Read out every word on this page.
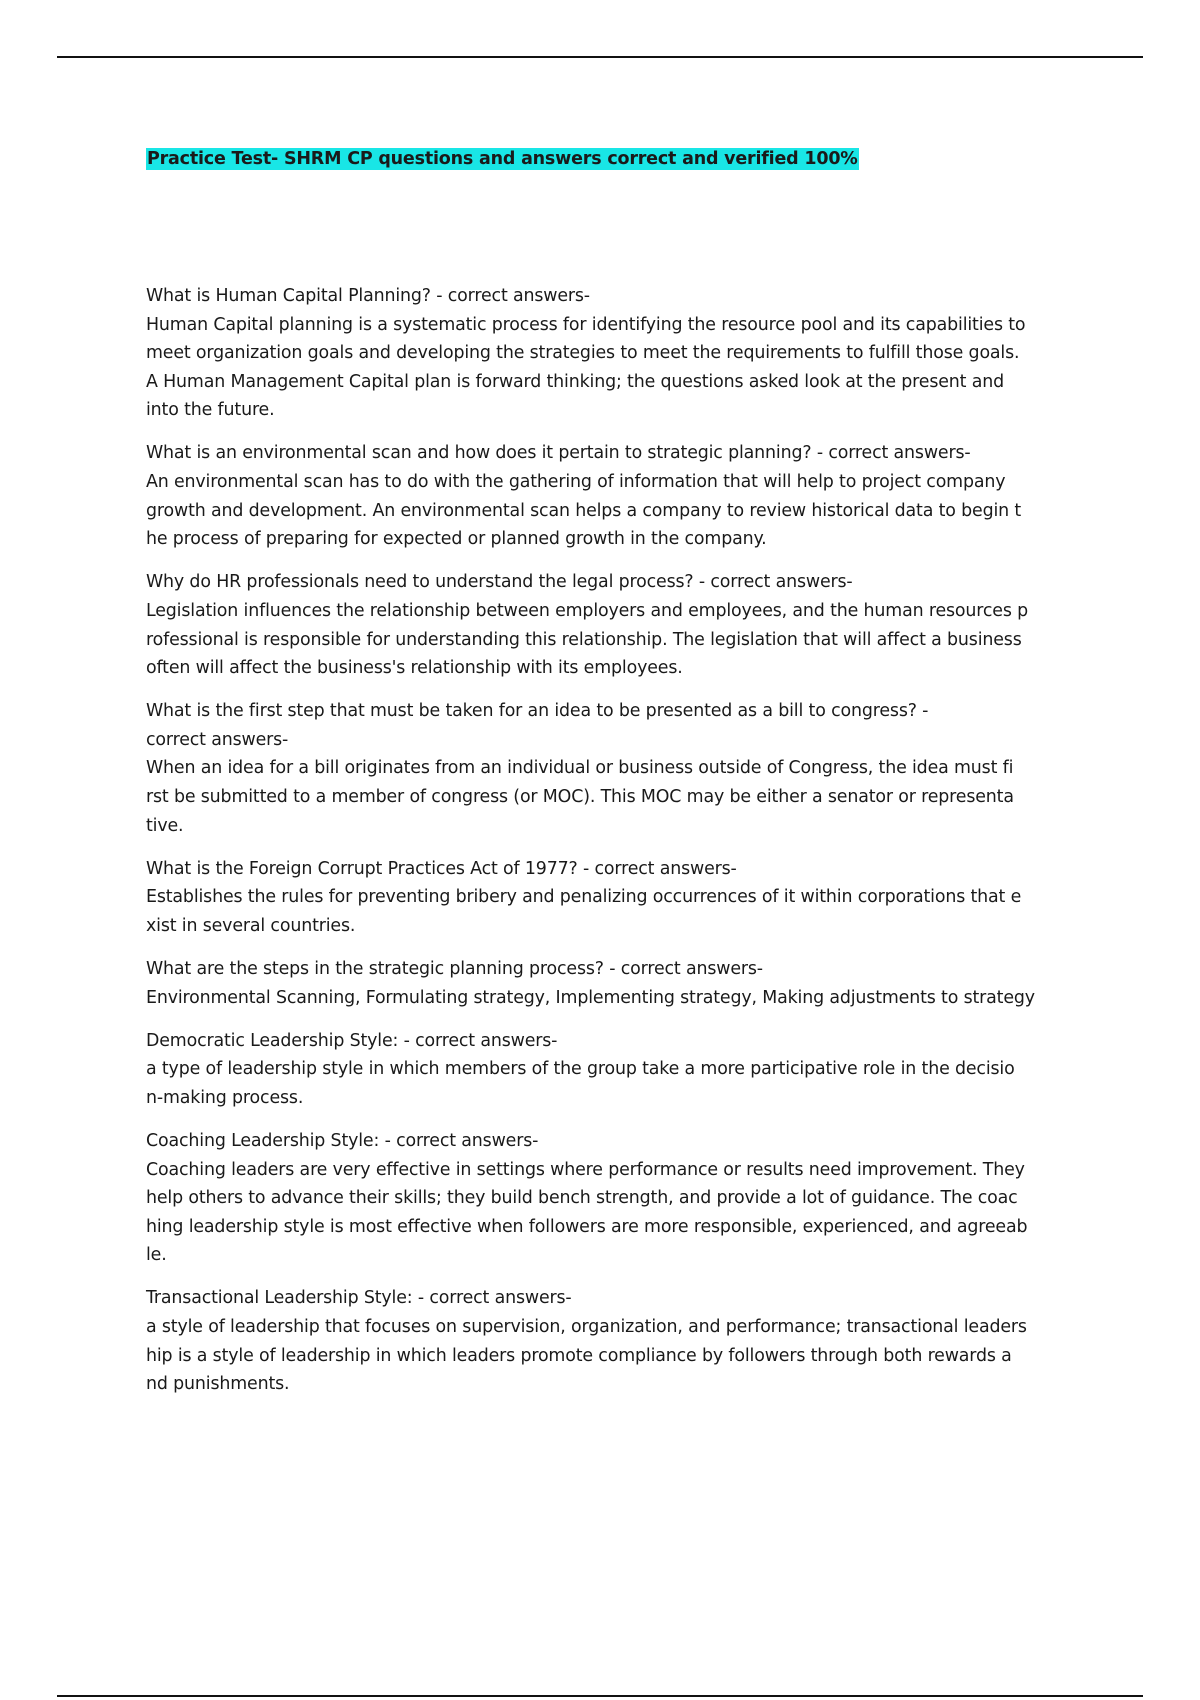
Practice Test- SHRM CP questions and answers correct and verified 100%

What is Human Capital Planning? - correct answers-

Human Capital planning is a systematic process for identifying the resource pool and its capabilities to
meet organization goals and developing the strategies to meet the requirements to fulfill those goals.
A Human Management Capital plan is forward thinking; the questions asked look at the present and
into the future.

What is an environmental scan and how does it pertain to strategic planning? - correct answers-

An environmental scan has to do with the gathering of information that will help to project company
growth and development. An environmental scan helps a company to review historical data to begin t
he process of preparing for expected or planned growth in the company.

Why do HR professionals need to understand the legal process? - correct answers-

Legislation influences the relationship between employers and employees, and the human resources p
rofessional is responsible for understanding this relationship. The legislation that will affect a business
often will affect the business's relationship with its employees.

What is the first step that must be taken for an idea to be presented as a bill to congress? -
correct answers-

When an idea for a bill originates from an individual or business outside of Congress, the idea must fi
rst be submitted to a member of congress (or MOC). This MOC may be either a senator or representa
tive.

What is the Foreign Corrupt Practices Act of 1977? - correct answers-

Establishes the rules for preventing bribery and penalizing occurrences of it within corporations that e
xist in several countries.

What are the steps in the strategic planning process? - correct answers-

Environmental Scanning, Formulating strategy, Implementing strategy, Making adjustments to strategy

Democratic Leadership Style: - correct answers-

a type of leadership style in which members of the group take a more participative role in the decisio
n-making process.

Coaching Leadership Style: - correct answers-

Coaching leaders are very effective in settings where performance or results need improvement. They
help others to advance their skills; they build bench strength, and provide a lot of guidance. The coac
hing leadership style is most effective when followers are more responsible, experienced, and agreeab
le.

Transactional Leadership Style: - correct answers-

a style of leadership that focuses on supervision, organization, and performance; transactional leaders
hip is a style of leadership in which leaders promote compliance by followers through both rewards a
nd punishments.
